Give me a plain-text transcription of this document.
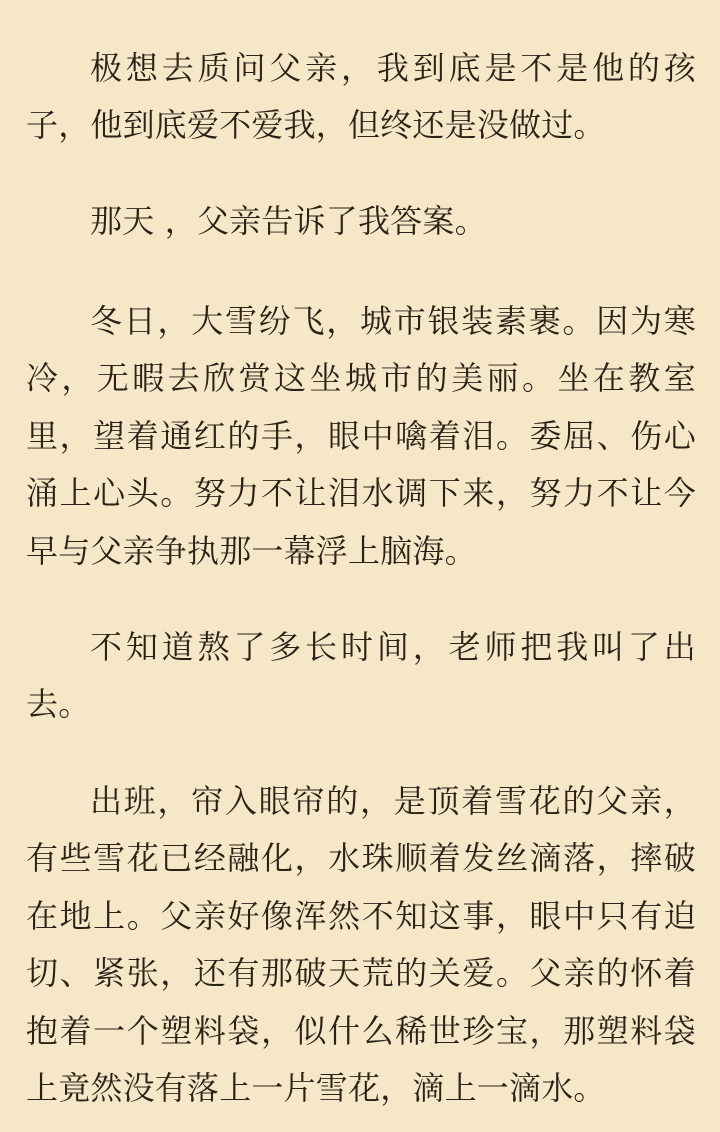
极想去质问父亲，我到底是不是他的孩子，他到底爱不爱我，但终还是没做过。

那天 ，父亲告诉了我答案。

冬日，大雪纷飞，城市银装素裹。因为寒冷，无暇去欣赏这坐城市的美丽。坐在教室里，望着通红的手，眼中噙着泪。委屈、伤心涌上心头。努力不让泪水调下来，努力不让今早与父亲争执那一幕浮上脑海。

不知道熬了多长时间，老师把我叫了出去。

出班，帘入眼帘的，是顶着雪花的父亲，有些雪花已经融化，水珠顺着发丝滴落，摔破在地上。父亲好像浑然不知这事，眼中只有迫切、紧张，还有那破天荒的关爱。父亲的怀着抱着一个塑料袋，似什么稀世珍宝，那塑料袋上竟然没有落上一片雪花，滴上一滴水。
